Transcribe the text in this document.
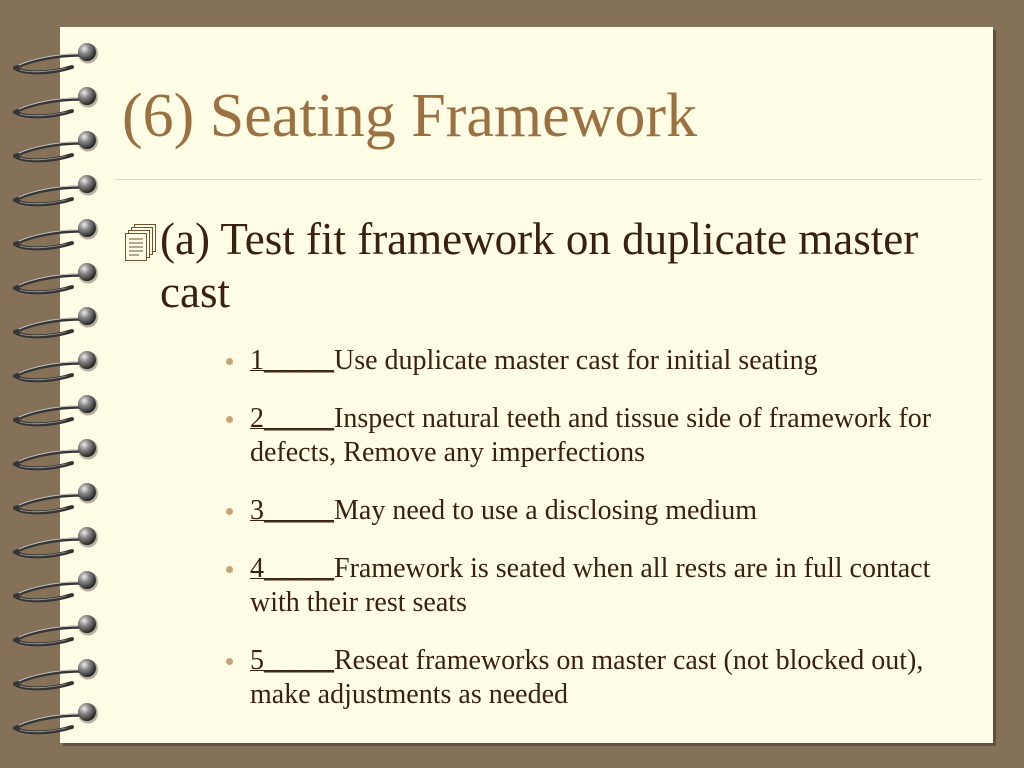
(6) Seating Framework

(a) Test fit framework on duplicate master cast

1_____Use duplicate master cast for initial seating
2_____Inspect natural teeth and tissue side of framework for defects, Remove any imperfections
3_____May need to use a disclosing medium
4_____Framework is seated when all rests are in full contact with their rest seats
5_____Reseat frameworks on master cast (not blocked out), make adjustments as needed
